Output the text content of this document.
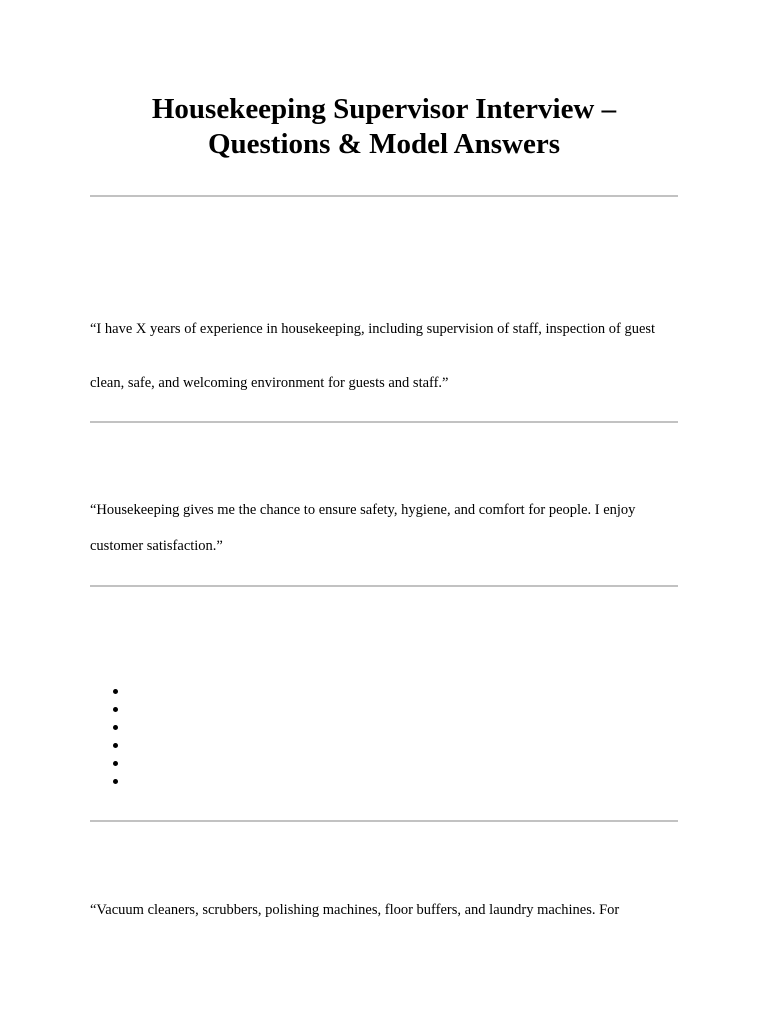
Housekeeping Supervisor Interview –
Questions & Model Answers

“I have X years of experience in housekeeping, including supervision of staff, inspection of guest

clean, safe, and welcoming environment for guests and staff.”

“Housekeeping gives me the chance to ensure safety, hygiene, and comfort for people. I enjoy

customer satisfaction.”

“Vacuum cleaners, scrubbers, polishing machines, floor buffers, and laundry machines. For
